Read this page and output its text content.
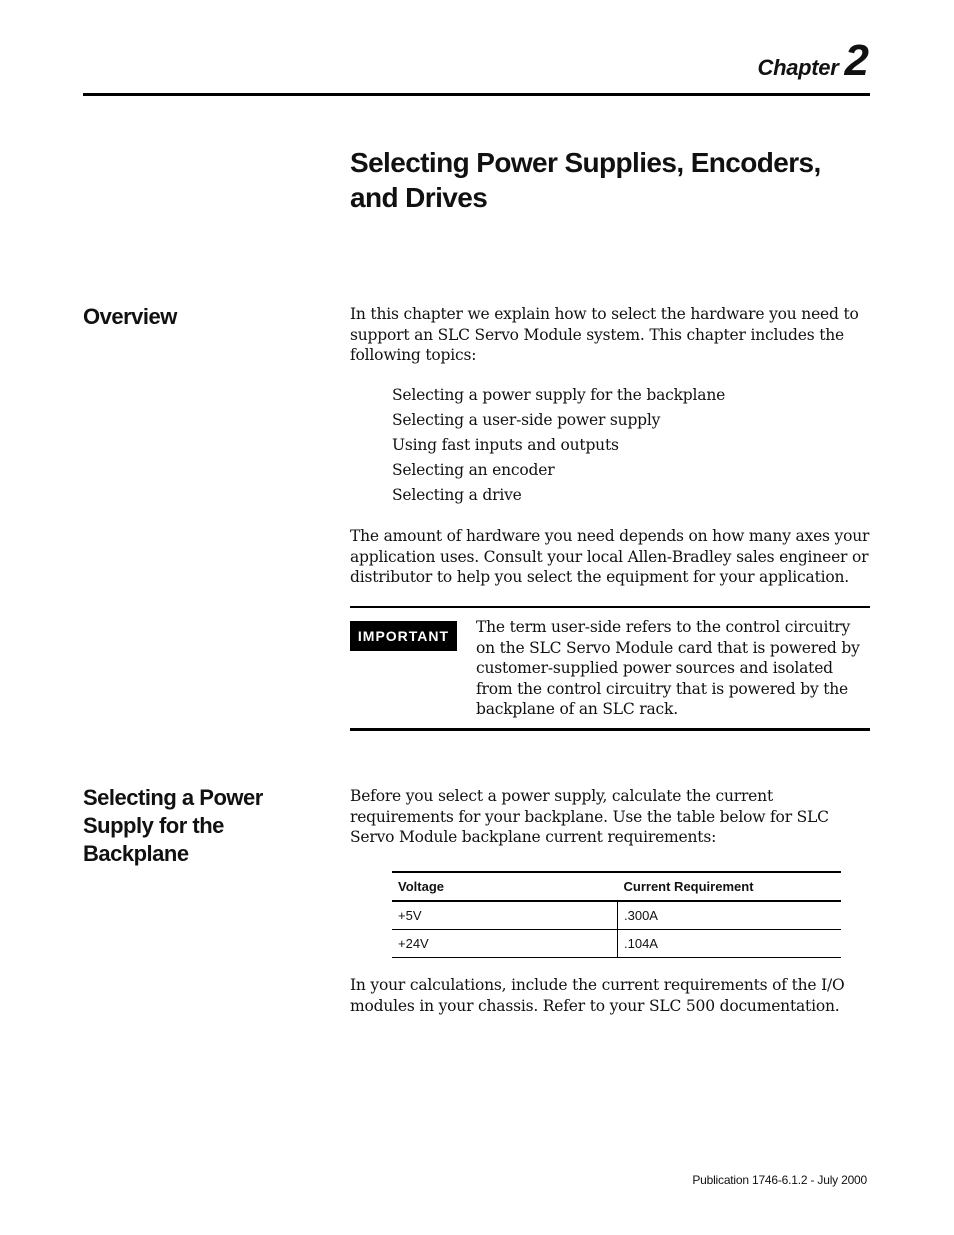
Chapter 2
Selecting Power Supplies, Encoders, and Drives
Overview	In this chapter we explain how to select the hardware you need to support an SLC Servo Module system. This chapter includes the following topics:

Selecting a power supply for the backplane
Selecting a user-side power supply
Using fast inputs and outputs
Selecting an encoder
Selecting a drive

The amount of hardware you need depends on how many axes your application uses. Consult your local Allen-Bradley sales engineer or distributor to help you select the equipment for your application.

IMPORTANT	The term user-side refers to the control circuitry on the SLC Servo Module card that is powered by customer-supplied power sources and isolated from the control circuitry that is powered by the backplane of an SLC rack.

Selecting a Power Supply for the Backplane

Before you select a power supply, calculate the current requirements for your backplane. Use the table below for SLC Servo Module backplane current requirements:

Voltage	Current Requirement
+5V	.300A
+24V	.104A

In your calculations, include the current requirements of the I/O modules in your chassis. Refer to your SLC 500 documentation.

Publication 1746-6.1.2 - July 2000
